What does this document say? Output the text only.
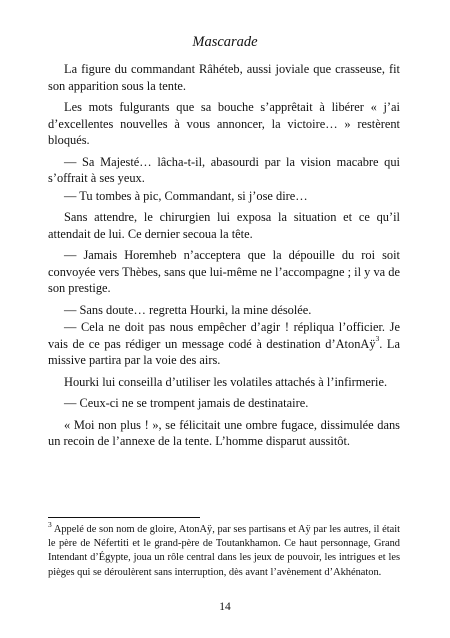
Mascarade

La figure du commandant Râhéteb, aussi joviale que crasseuse, fit son apparition sous la tente.

Les mots fulgurants que sa bouche s’apprêtait à libérer « j’ai d’excellentes nouvelles à vous annoncer, la victoire… » restèrent bloqués.

— Sa Majesté… lâcha-t-il, abasourdi par la vision macabre qui s’offrait à ses yeux.

— Tu tombes à pic, Commandant, si j’ose dire…

Sans attendre, le chirurgien lui exposa la situation et ce qu’il attendait de lui. Ce dernier secoua la tête.

— Jamais Horemheb n’acceptera que la dépouille du roi soit convoyée vers Thèbes, sans que lui-même ne l’accompagne ; il y va de son prestige.

— Sans doute… regretta Hourki, la mine désolée.

— Cela ne doit pas nous empêcher d’agir ! répliqua l’officier. Je vais de ce pas rédiger un message codé à destination d’AtonAÿ$^3$. La missive partira par la voie des airs.

Hourki lui conseilla d’utiliser les volatiles attachés à l’infirmerie.

— Ceux-ci ne se trompent jamais de destinataire.

« Moi non plus ! », se félicitait une ombre fugace, dissimulée dans un recoin de l’annexe de la tente. L’homme disparut aussitôt.

$^3$ Appelé de son nom de gloire, AtonAÿ, par ses partisans et Aÿ par les autres, il était le père de Néfertiti et le grand-père de Toutankhamon. Ce haut personnage, Grand Intendant d’Égypte, joua un rôle central dans les jeux de pouvoir, les intrigues et les pièges qui se déroulèrent sans interruption, dès avant l’avènement d’Akhénaton.

14
